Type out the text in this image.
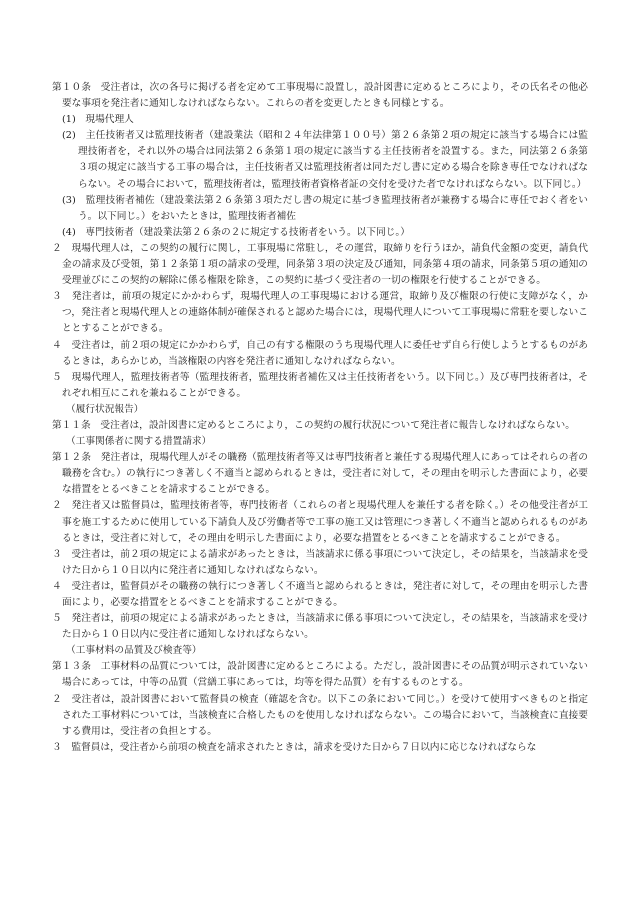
第１０条　受注者は，次の各号に掲げる者を定めて工事現場に設置し，設計図書に定めるところにより，その氏名その他必要な事項を発注者に通知しなければならない。これらの者を変更したときも同様とする。

(1)　現場代理人

(2)　主任技術者又は監理技術者（建設業法（昭和２４年法律第１００号）第２６条第２項の規定に該当する場合には監理技術者を，それ以外の場合は同法第２６条第１項の規定に該当する主任技術者を設置する。また，同法第２６条第３項の規定に該当する工事の場合は，主任技術者又は監理技術者は同ただし書に定める場合を除き専任でなければならない。その場合において，監理技術者は，監理技術者資格者証の交付を受けた者でなければならない。以下同じ。）

(3)　監理技術者補佐（建設業法第２６条第３項ただし書の規定に基づき監理技術者が兼務する場合に専任でおく者をいう。以下同じ。）をおいたときは，監理技術者補佐

(4)　専門技術者（建設業法第２６条の２に規定する技術者をいう。以下同じ。）

２　現場代理人は，この契約の履行に関し，工事現場に常駐し，その運営，取締りを行うほか，請負代金額の変更，請負代金の請求及び受領，第１２条第１項の請求の受理，同条第３項の決定及び通知，同条第４項の請求，同条第５項の通知の受理並びにこの契約の解除に係る権限を除き，この契約に基づく受注者の一切の権限を行使することができる。

３　発注者は，前項の規定にかかわらず，現場代理人の工事現場における運営，取締り及び権限の行使に支障がなく，かつ，発注者と現場代理人との連絡体制が確保されると認めた場合には，現場代理人について工事現場に常駐を要しないこととすることができる。

４　受注者は，前２項の規定にかかわらず，自己の有する権限のうち現場代理人に委任せず自ら行使しようとするものがあるときは，あらかじめ，当該権限の内容を発注者に通知しなければならない。

５　現場代理人，監理技術者等（監理技術者，監理技術者補佐又は主任技術者をいう。以下同じ。）及び専門技術者は，それぞれ相互にこれを兼ねることができる。

（履行状況報告）

第１１条　受注者は，設計図書に定めるところにより，この契約の履行状況について発注者に報告しなければならない。

（工事関係者に関する措置請求）

第１２条　発注者は，現場代理人がその職務（監理技術者等又は専門技術者と兼任する現場代理人にあってはそれらの者の職務を含む。）の執行につき著しく不適当と認められるときは，受注者に対して，その理由を明示した書面により，必要な措置をとるべきことを請求することができる。

２　発注者又は監督員は，監理技術者等，専門技術者（これらの者と現場代理人を兼任する者を除く。）その他受注者が工事を施工するために使用している下請負人及び労働者等で工事の施工又は管理につき著しく不適当と認められるものがあるときは，受注者に対して，その理由を明示した書面により，必要な措置をとるべきことを請求することができる。

３　受注者は，前２項の規定による請求があったときは，当該請求に係る事項について決定し，その結果を，当該請求を受けた日から１０日以内に発注者に通知しなければならない。

４　受注者は，監督員がその職務の執行につき著しく不適当と認められるときは，発注者に対して，その理由を明示した書面により，必要な措置をとるべきことを請求することができる。

５　発注者は，前項の規定による請求があったときは，当該請求に係る事項について決定し，その結果を，当該請求を受けた日から１０日以内に受注者に通知しなければならない。

（工事材料の品質及び検査等）

第１３条　工事材料の品質については，設計図書に定めるところによる。ただし，設計図書にその品質が明示されていない場合にあっては，中等の品質（営繕工事にあっては，均等を得た品質）を有するものとする。

２　受注者は，設計図書において監督員の検査（確認を含む。以下この条において同じ。）を受けて使用すべきものと指定された工事材料については，当該検査に合格したものを使用しなければならない。この場合において，当該検査に直接要する費用は，受注者の負担とする。

３　監督員は，受注者から前項の検査を請求されたときは，請求を受けた日から７日以内に応じなければならな
